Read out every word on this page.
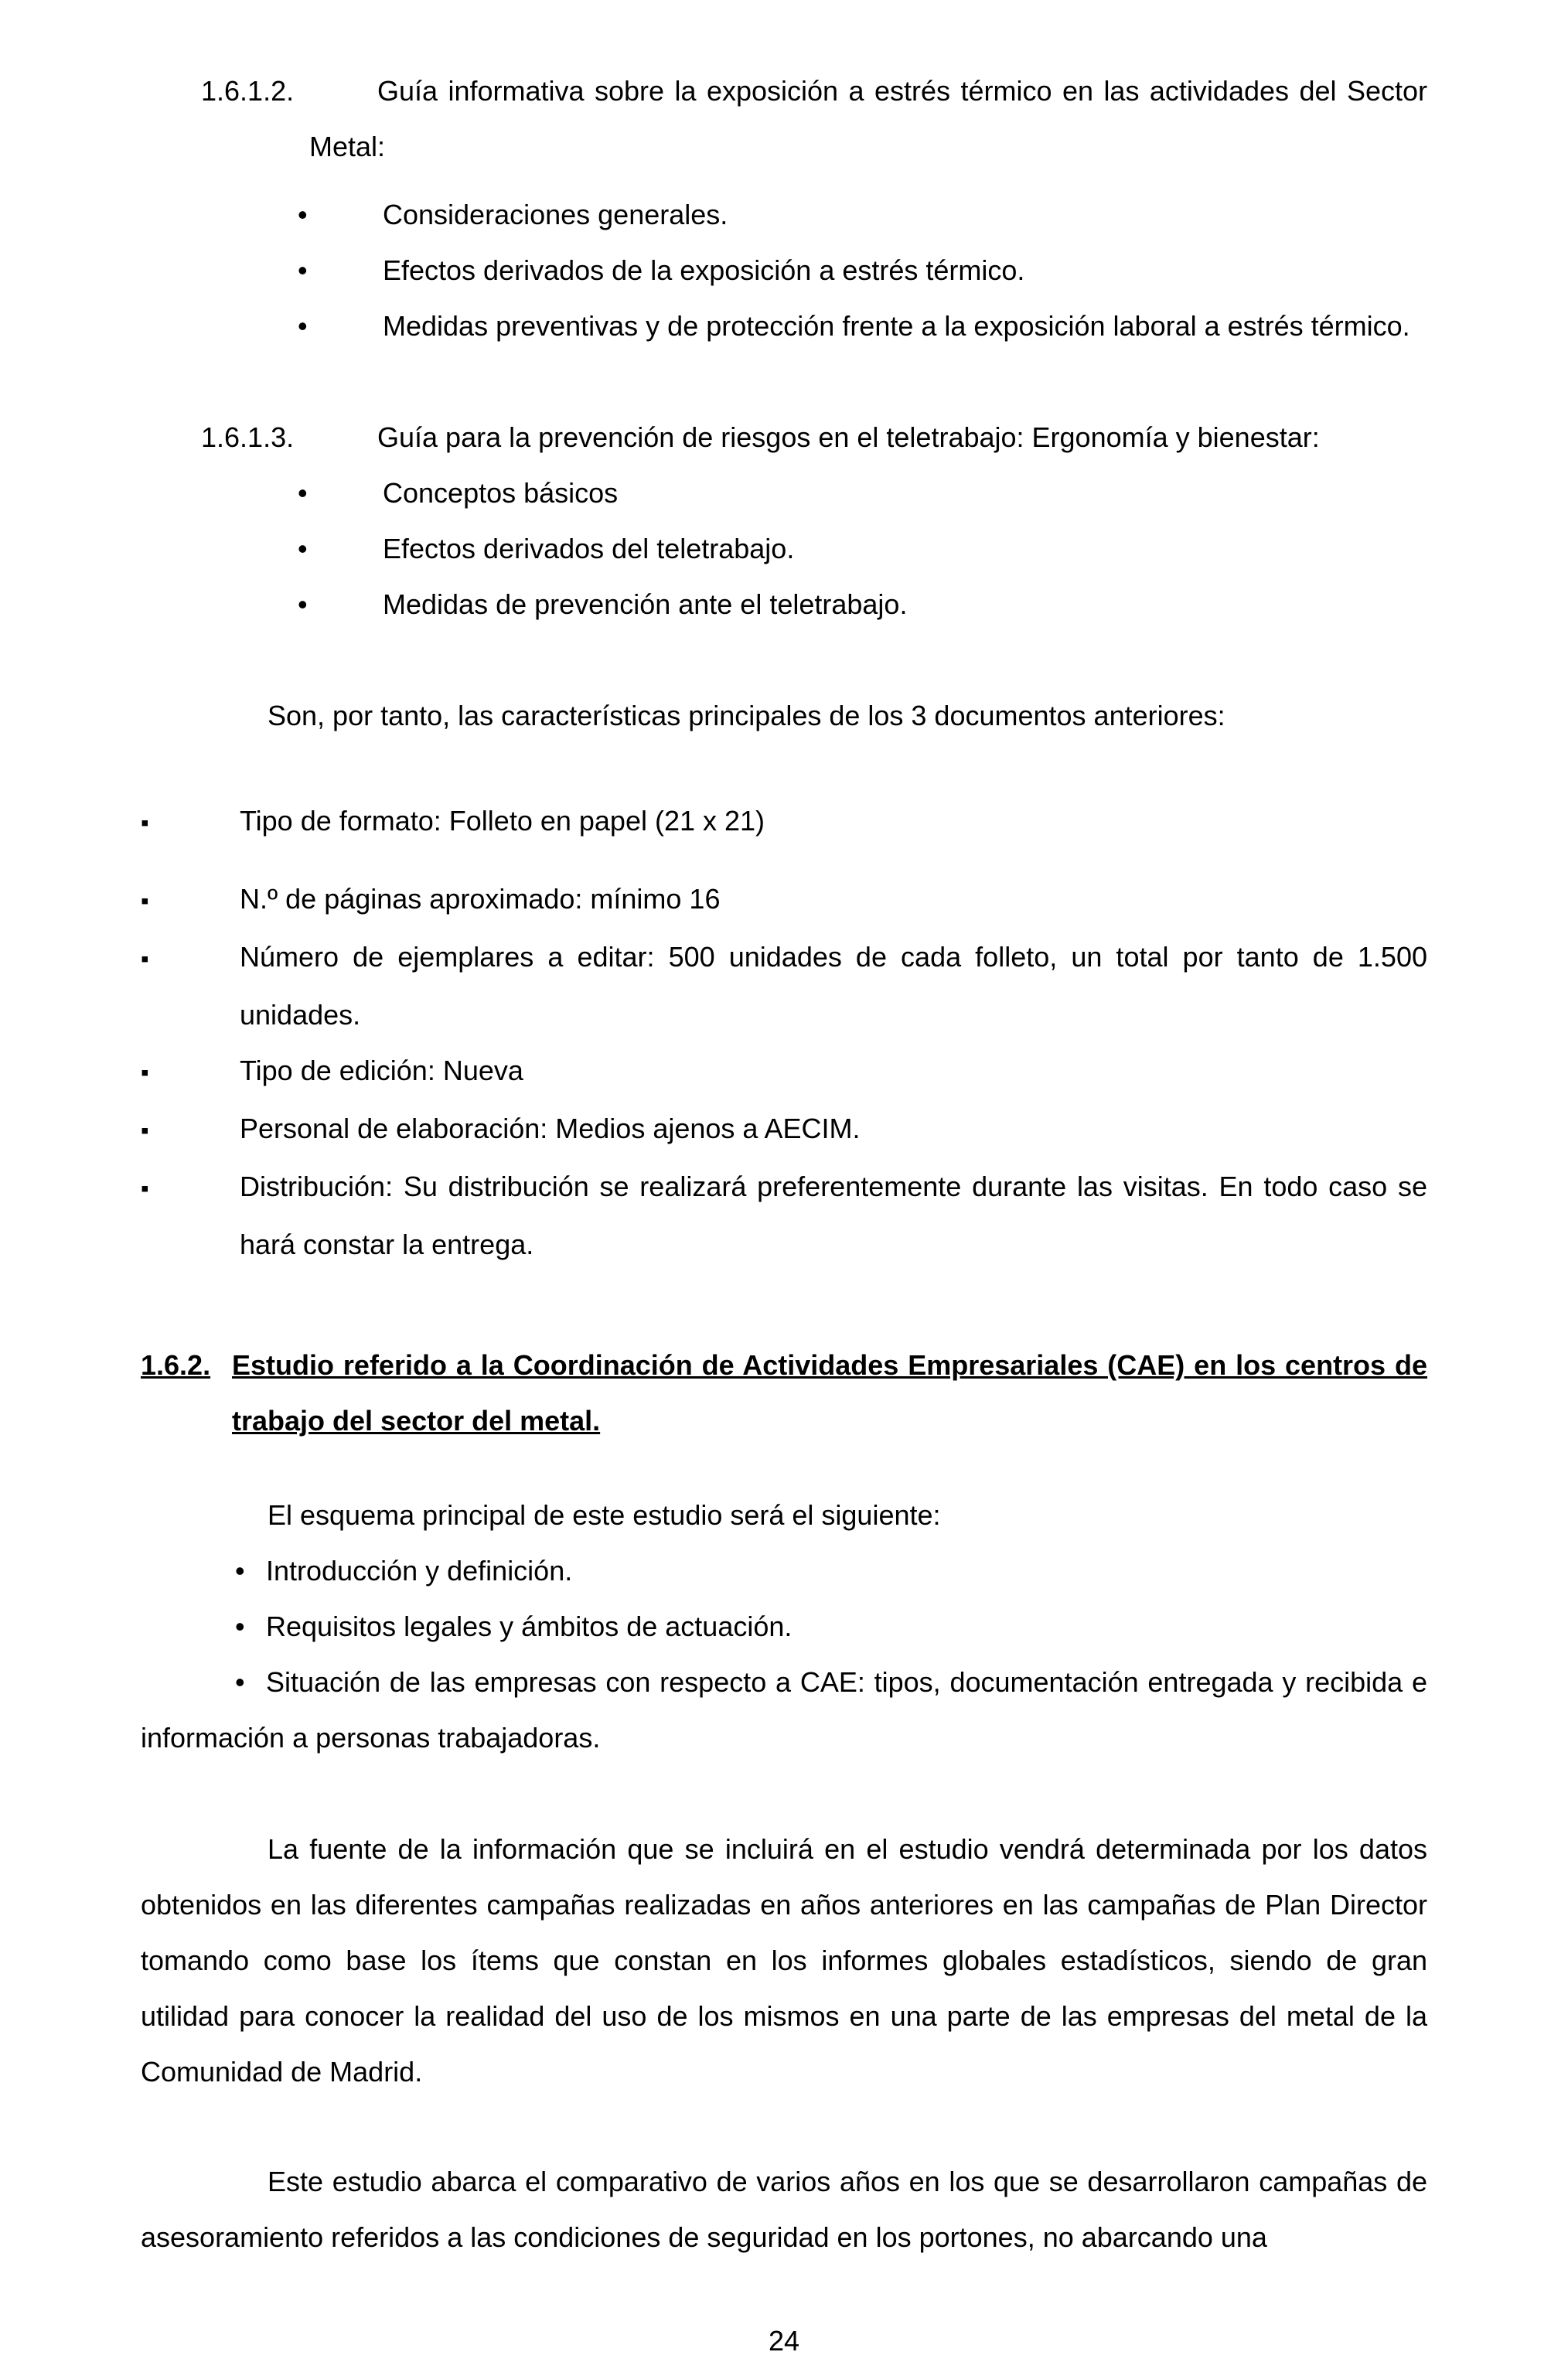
1.6.1.2.	Guía informativa sobre la exposición a estrés térmico en las actividades del Sector Metal:

•	Consideraciones generales.
•	Efectos derivados de la exposición a estrés térmico.
•	Medidas preventivas y de protección frente a la exposición laboral a estrés térmico.

1.6.1.3.	Guía para la prevención de riesgos en el teletrabajo: Ergonomía y bienestar:

•	Conceptos básicos
•	Efectos derivados del teletrabajo.
•	Medidas de prevención ante el teletrabajo.

Son, por tanto, las características principales de los 3 documentos anteriores:

▪	Tipo de formato: Folleto en papel (21 x 21)
▪	N.º de páginas aproximado: mínimo 16
▪	Número de ejemplares a editar: 500 unidades de cada folleto, un total por tanto de 1.500 unidades.
▪	Tipo de edición: Nueva
▪	Personal de elaboración: Medios ajenos a AECIM.
▪	Distribución: Su distribución se realizará preferentemente durante las visitas. En todo caso se hará constar la entrega.

1.6.2. Estudio referido a la Coordinación de Actividades Empresariales (CAE) en los centros de trabajo del sector del metal.

El esquema principal de este estudio será el siguiente:

• Introducción y definición.
• Requisitos legales y ámbitos de actuación.
• Situación de las empresas con respecto a CAE: tipos, documentación entregada y recibida e información a personas trabajadoras.

La fuente de la información que se incluirá en el estudio vendrá determinada por los datos obtenidos en las diferentes campañas realizadas en años anteriores en las campañas de Plan Director tomando como base los ítems que constan en los informes globales estadísticos, siendo de gran utilidad para conocer la realidad del uso de los mismos en una parte de las empresas del metal de la Comunidad de Madrid.

Este estudio abarca el comparativo de varios años en los que se desarrollaron campañas de asesoramiento referidos a las condiciones de seguridad en los portones, no abarcando una

24
